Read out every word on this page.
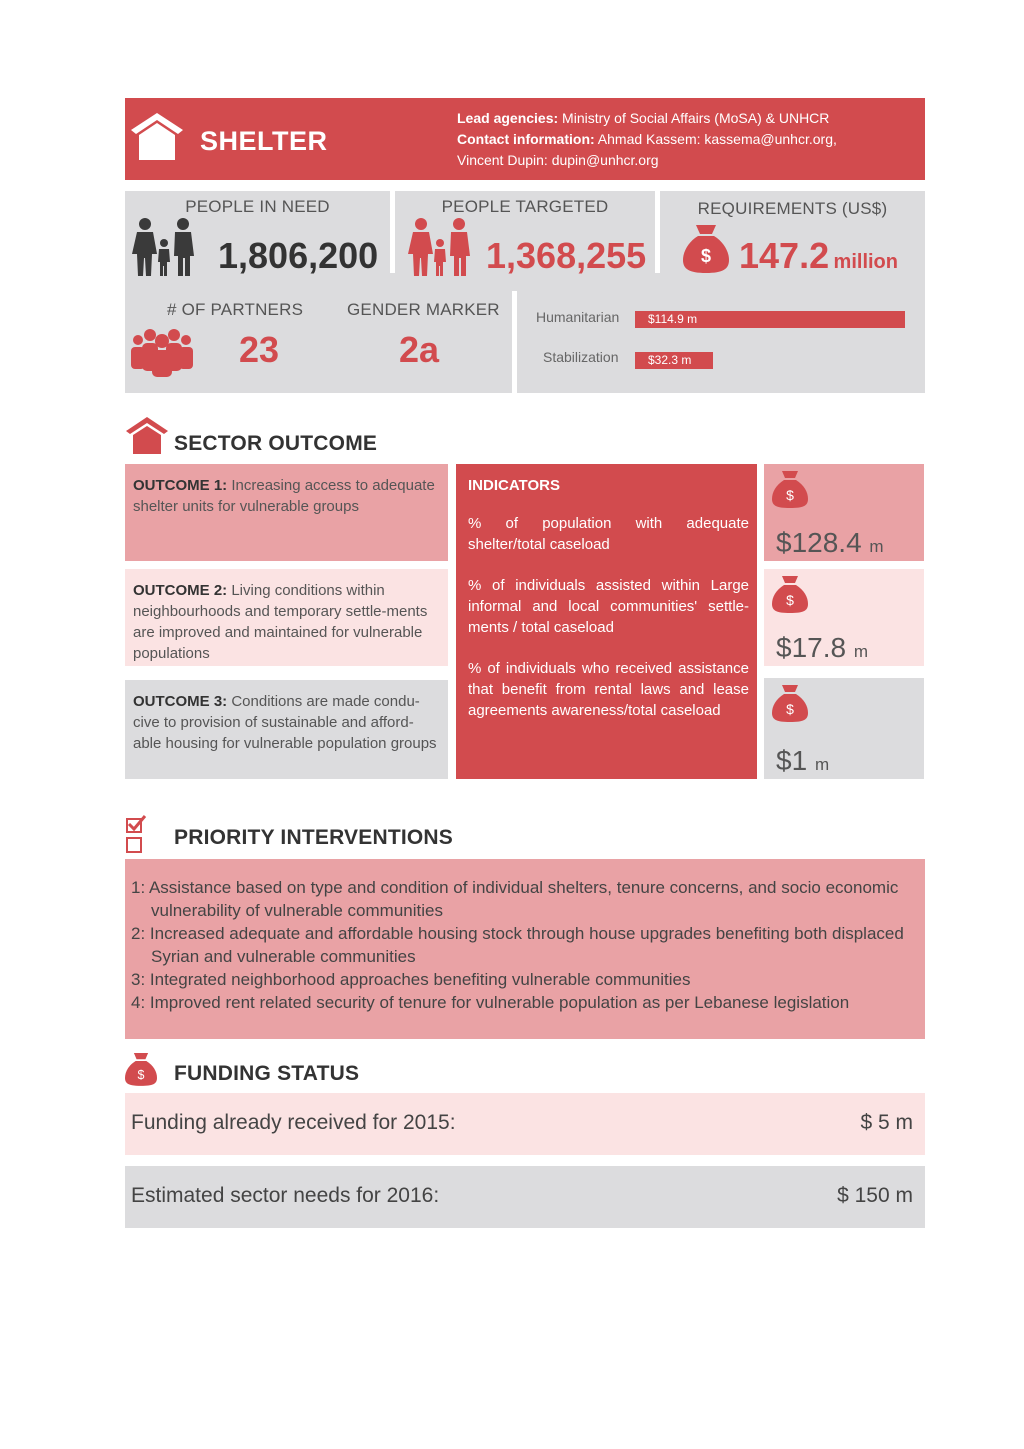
SHELTER
Lead agencies: Ministry of Social Affairs (MoSA) & UNHCR
Contact information: Ahmad Kassem: kassema@unhcr.org,
Vincent Dupin: dupin@unhcr.org
PEOPLE IN NEED
1,806,200
PEOPLE TARGETED
1,368,255
REQUIREMENTS (US$)
$ 147.2 million
# OF PARTNERS
23
GENDER MARKER
2a
Humanitarian	$114.9 m
Stabilization	$32.3 m
SECTOR OUTCOME
OUTCOME 1: Increasing access to adequate shelter units for vulnerable groups
OUTCOME 2: Living conditions within neighbourhoods and temporary settle-ments are improved and maintained for vulnerable populations
OUTCOME 3: Conditions are made condu-cive to provision of sustainable and afford-able housing for vulnerable population groups
INDICATORS
% of population with adequate shelter/total caseload
% of individuals assisted within Large informal and local communities' settle-ments / total caseload
% of individuals who received assistance that benefit from rental laws and lease agreements awareness/total caseload
$
$128.4 m
$
$17.8 m
$
$1 m
PRIORITY INTERVENTIONS
1: Assistance based on type and condition of individual shelters, tenure concerns, and socio economic vulnerability of vulnerable communities
2: Increased adequate and affordable housing stock through house upgrades benefiting both displaced Syrian and vulnerable communities
3: Integrated neighborhood approaches benefiting vulnerable communities
4: Improved rent related security of tenure for vulnerable population as per Lebanese legislation
$ FUNDING STATUS
Funding already received for 2015:	$ 5 m
Estimated sector needs for 2016:	$ 150 m
